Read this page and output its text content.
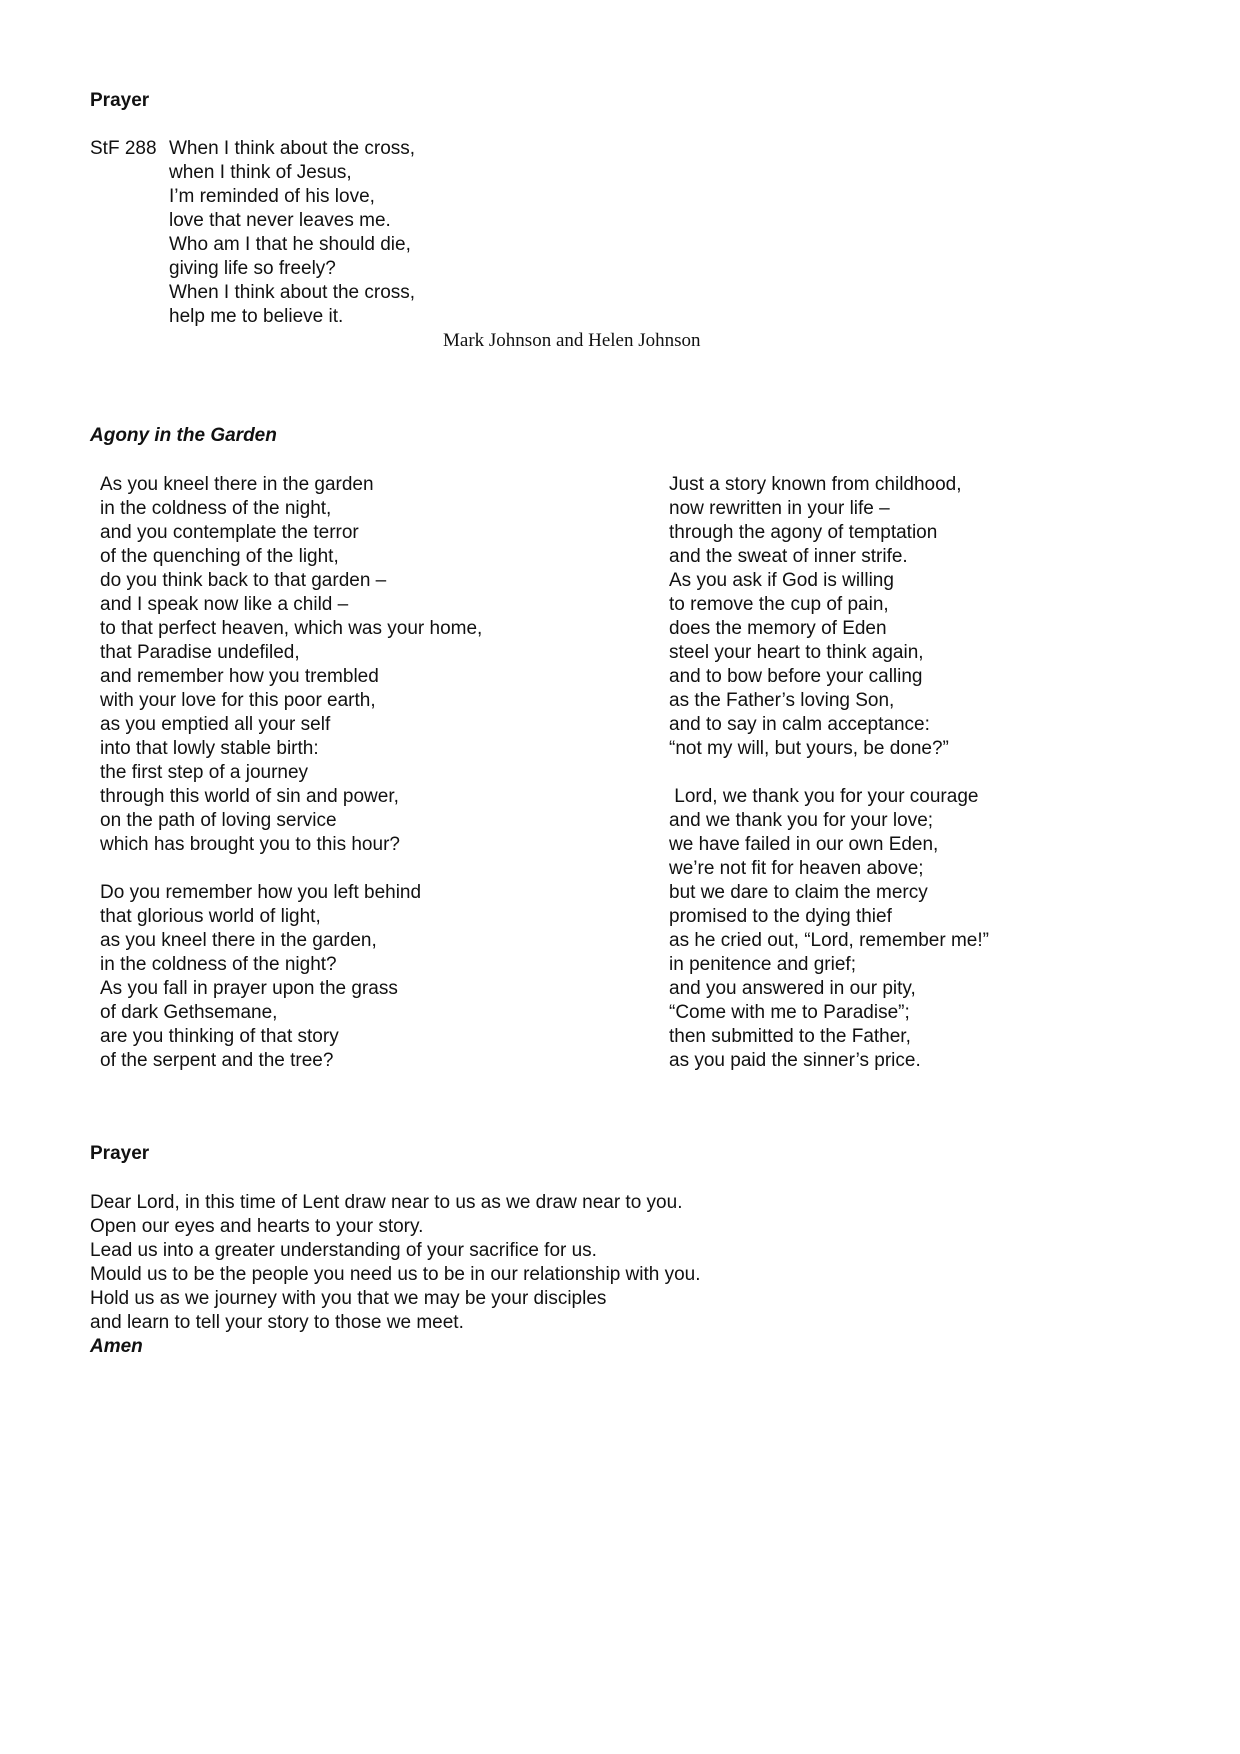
Prayer
StF 288 When I think about the cross,
when I think of Jesus,
I’m reminded of his love,
love that never leaves me.
Who am I that he should die,
giving life so freely?
When I think about the cross,
help me to believe it.
Mark Johnson and Helen Johnson
Agony in the Garden
As you kneel there in the garden
in the coldness of the night,
and you contemplate the terror
of the quenching of the light,
do you think back to that garden –
and I speak now like a child –
to that perfect heaven, which was your home,
that Paradise undefiled,
and remember how you trembled
with your love for this poor earth,
as you emptied all your self
into that lowly stable birth:
the first step of a journey
through this world of sin and power,
on the path of loving service
which has brought you to this hour?
Do you remember how you left behind
that glorious world of light,
as you kneel there in the garden,
in the coldness of the night?
As you fall in prayer upon the grass
of dark Gethsemane,
are you thinking of that story
of the serpent and the tree?
Just a story known from childhood,
now rewritten in your life –
through the agony of temptation
and the sweat of inner strife.
As you ask if God is willing
to remove the cup of pain,
does the memory of Eden
steel your heart to think again,
and to bow before your calling
as the Father’s loving Son,
and to say in calm acceptance:
“not my will, but yours, be done?”
Lord, we thank you for your courage
and we thank you for your love;
we have failed in our own Eden,
we’re not fit for heaven above;
but we dare to claim the mercy
promised to the dying thief
as he cried out, “Lord, remember me!”
in penitence and grief;
and you answered in our pity,
“Come with me to Paradise”;
then submitted to the Father,
as you paid the sinner’s price.
Prayer
Dear Lord, in this time of Lent draw near to us as we draw near to you.
Open our eyes and hearts to your story.
Lead us into a greater understanding of your sacrifice for us.
Mould us to be the people you need us to be in our relationship with you.
Hold us as we journey with you that we may be your disciples
and learn to tell your story to those we meet.
Amen
